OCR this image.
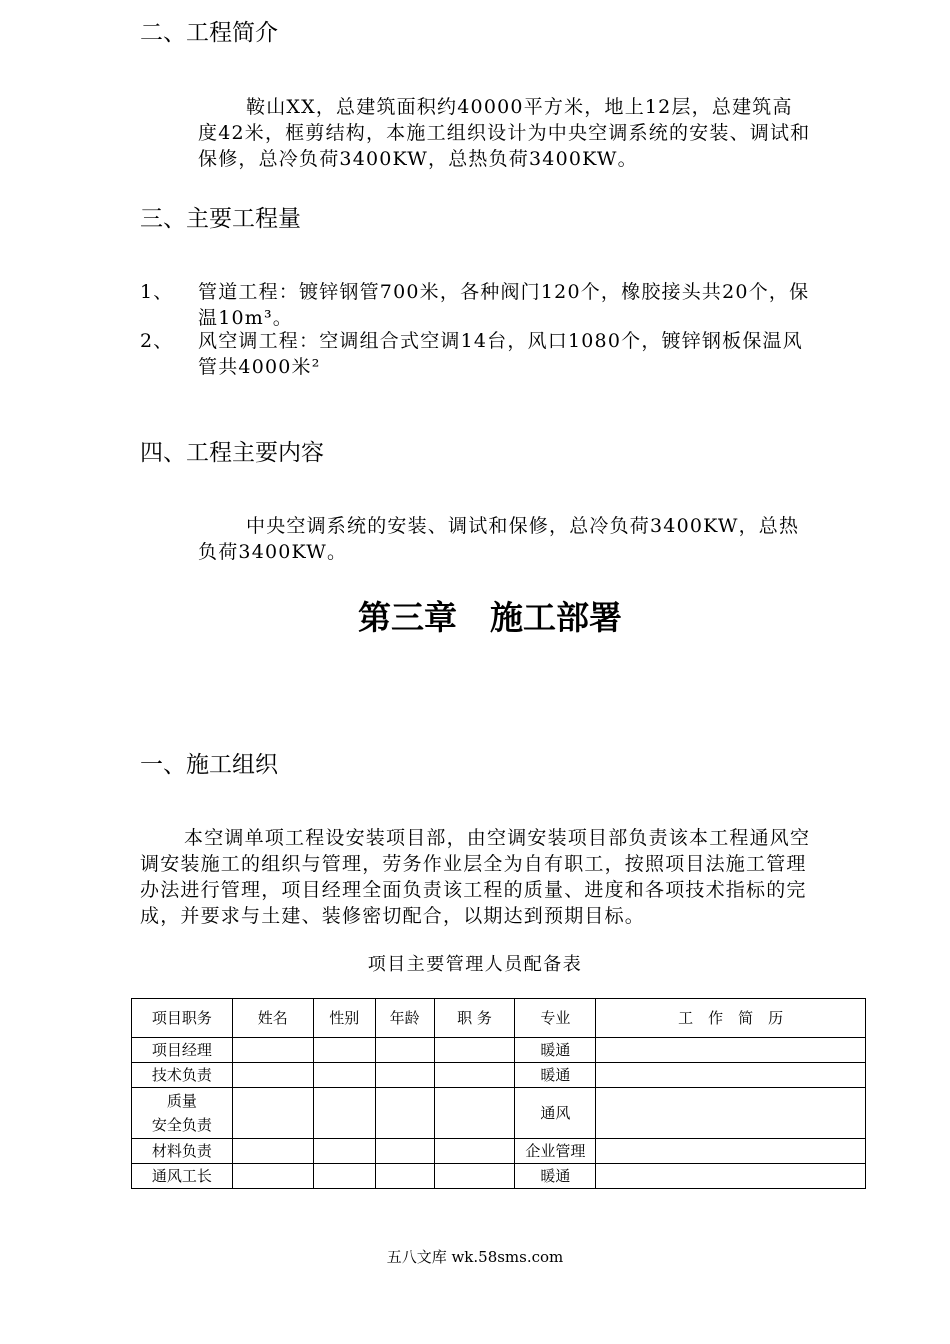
二、工程简介

鞍山XX，总建筑面积约40000平方米，地上12层，总建筑高度42米，框剪结构，本施工组织设计为中央空调系统的安装、调试和保修，总冷负荷3400KW，总热负荷3400KW。

三、主要工程量
1、 管道工程：镀锌钢管700米，各种阀门120个，橡胶接头共20个，保温10m³。
2、 风空调工程：空调组合式空调14台，风口1080个，镀锌钢板保温风管共4000米²
四、工程主要内容

中央空调系统的安装、调试和保修，总冷负荷3400KW，总热负荷3400KW。

第三章　施工部署
一、施工组织

本空调单项工程设安装项目部，由空调安装项目部负责该本工程通风空调安装施工的组织与管理，劳务作业层全为自有职工，按照项目法施工管理办法进行管理，项目经理全面负责该工程的质量、进度和各项技术指标的完成，并要求与土建、装修密切配合，以期达到预期目标。

项目主要管理人员配备表

项目职务	姓名	性别	年龄	职 务	专业	工　作　简　历
项目经理					暖通	
技术负责					暖通	

质量
安全负责					通风	
材料负责					企业管理	
通风工长					暖通	

五八文库 wk.58sms.com
